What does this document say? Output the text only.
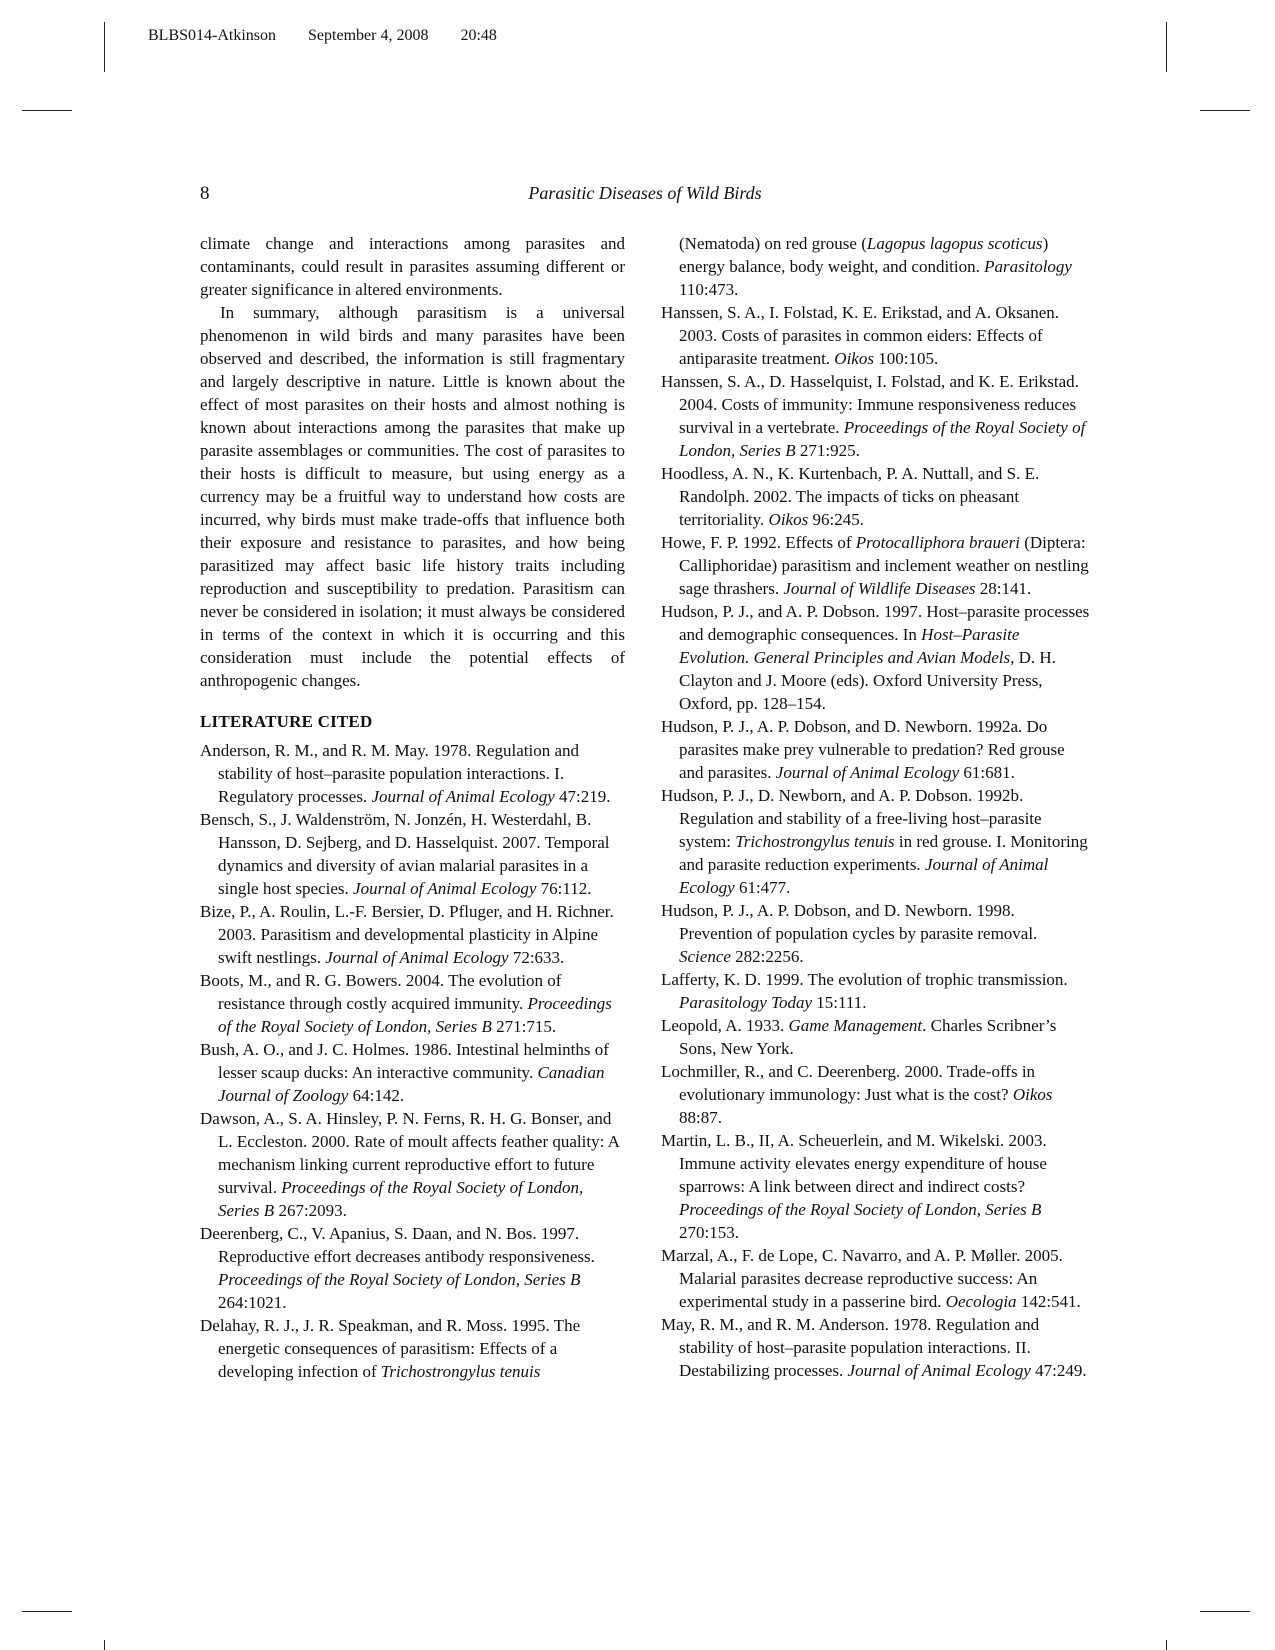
BLBS014-Atkinson September 4, 2008 20:48
8	Parasitic Diseases of Wild Birds

climate change and interactions among parasites and contaminants, could result in parasites assuming different or greater significance in altered environments.

In summary, although parasitism is a universal phenomenon in wild birds and many parasites have been observed and described, the information is still fragmentary and largely descriptive in nature. Little is known about the effect of most parasites on their hosts and almost nothing is known about interactions among the parasites that make up parasite assemblages or communities. The cost of parasites to their hosts is difficult to measure, but using energy as a currency may be a fruitful way to understand how costs are incurred, why birds must make trade-offs that influence both their exposure and resistance to parasites, and how being parasitized may affect basic life history traits including reproduction and susceptibility to predation. Parasitism can never be considered in isolation; it must always be considered in terms of the context in which it is occurring and this consideration must include the potential effects of anthropogenic changes.

LITERATURE CITED

Anderson, R. M., and R. M. May. 1978. Regulation and stability of host–parasite population interactions. I. Regulatory processes. Journal of Animal Ecology 47:219.

Bensch, S., J. Waldenström, N. Jonzén, H. Westerdahl, B. Hansson, D. Sejberg, and D. Hasselquist. 2007. Temporal dynamics and diversity of avian malarial parasites in a single host species. Journal of Animal Ecology 76:112.

Bize, P., A. Roulin, L.-F. Bersier, D. Pfluger, and H. Richner. 2003. Parasitism and developmental plasticity in Alpine swift nestlings. Journal of Animal Ecology 72:633.

Boots, M., and R. G. Bowers. 2004. The evolution of resistance through costly acquired immunity. Proceedings of the Royal Society of London, Series B 271:715.

Bush, A. O., and J. C. Holmes. 1986. Intestinal helminths of lesser scaup ducks: An interactive community. Canadian Journal of Zoology 64:142.

Dawson, A., S. A. Hinsley, P. N. Ferns, R. H. G. Bonser, and L. Eccleston. 2000. Rate of moult affects feather quality: A mechanism linking current reproductive effort to future survival. Proceedings of the Royal Society of London, Series B 267:2093.

Deerenberg, C., V. Apanius, S. Daan, and N. Bos. 1997. Reproductive effort decreases antibody responsiveness. Proceedings of the Royal Society of London, Series B 264:1021.

Delahay, R. J., J. R. Speakman, and R. Moss. 1995. The energetic consequences of parasitism: Effects of a developing infection of Trichostrongylus tenuis

(Nematoda) on red grouse (Lagopus lagopus scoticus) energy balance, body weight, and condition. Parasitology 110:473.

Hanssen, S. A., I. Folstad, K. E. Erikstad, and A. Oksanen. 2003. Costs of parasites in common eiders: Effects of antiparasite treatment. Oikos 100:105.

Hanssen, S. A., D. Hasselquist, I. Folstad, and K. E. Erikstad. 2004. Costs of immunity: Immune responsiveness reduces survival in a vertebrate. Proceedings of the Royal Society of London, Series B 271:925.

Hoodless, A. N., K. Kurtenbach, P. A. Nuttall, and S. E. Randolph. 2002. The impacts of ticks on pheasant territoriality. Oikos 96:245.

Howe, F. P. 1992. Effects of Protocalliphora braueri (Diptera: Calliphoridae) parasitism and inclement weather on nestling sage thrashers. Journal of Wildlife Diseases 28:141.

Hudson, P. J., and A. P. Dobson. 1997. Host–parasite processes and demographic consequences. In Host–Parasite Evolution. General Principles and Avian Models, D. H. Clayton and J. Moore (eds). Oxford University Press, Oxford, pp. 128–154.

Hudson, P. J., A. P. Dobson, and D. Newborn. 1992a. Do parasites make prey vulnerable to predation? Red grouse and parasites. Journal of Animal Ecology 61:681.

Hudson, P. J., D. Newborn, and A. P. Dobson. 1992b. Regulation and stability of a free-living host–parasite system: Trichostrongylus tenuis in red grouse. I. Monitoring and parasite reduction experiments. Journal of Animal Ecology 61:477.

Hudson, P. J., A. P. Dobson, and D. Newborn. 1998. Prevention of population cycles by parasite removal. Science 282:2256.

Lafferty, K. D. 1999. The evolution of trophic transmission. Parasitology Today 15:111.

Leopold, A. 1933. Game Management. Charles Scribner’s Sons, New York.

Lochmiller, R., and C. Deerenberg. 2000. Trade-offs in evolutionary immunology: Just what is the cost? Oikos 88:87.

Martin, L. B., II, A. Scheuerlein, and M. Wikelski. 2003. Immune activity elevates energy expenditure of house sparrows: A link between direct and indirect costs? Proceedings of the Royal Society of London, Series B 270:153.

Marzal, A., F. de Lope, C. Navarro, and A. P. Møller. 2005. Malarial parasites decrease reproductive success: An experimental study in a passerine bird. Oecologia 142:541.

May, R. M., and R. M. Anderson. 1978. Regulation and stability of host–parasite population interactions. II. Destabilizing processes. Journal of Animal Ecology 47:249.
